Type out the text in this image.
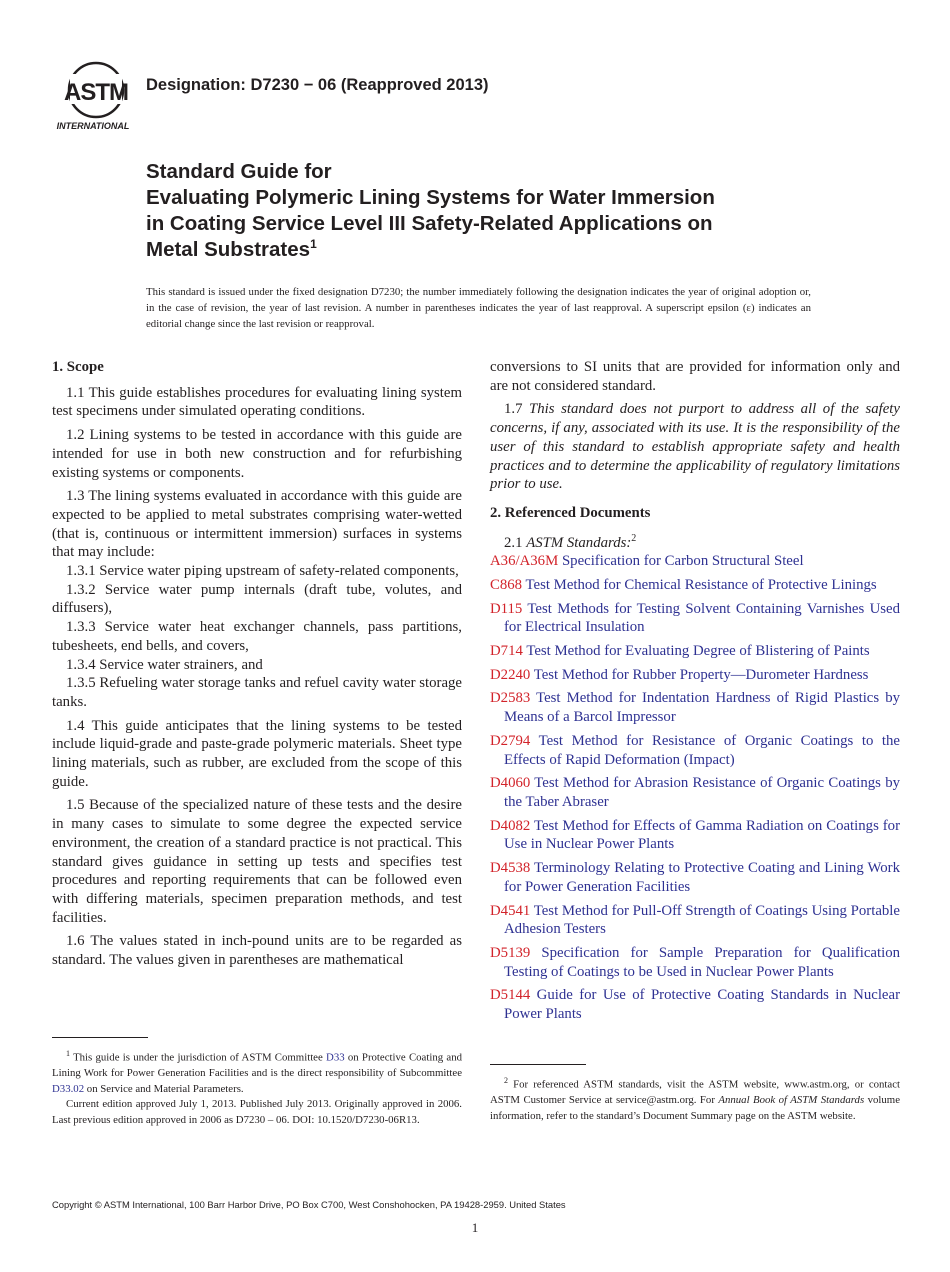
ASTM
INTERNATIONAL
Designation: D7230 − 06 (Reapproved 2013)
Standard Guide for
Evaluating Polymeric Lining Systems for Water Immersion
in Coating Service Level III Safety-Related Applications on
Metal Substrates$^1$
This standard is issued under the fixed designation D7230; the number immediately following the designation indicates the year of original adoption or, in the case of revision, the year of last revision. A number in parentheses indicates the year of last reapproval. A superscript epsilon (ε) indicates an editorial change since the last revision or reapproval.
1. Scope

1.1 This guide establishes procedures for evaluating lining system test specimens under simulated operating conditions.

1.2 Lining systems to be tested in accordance with this guide are intended for use in both new construction and for refurbishing existing systems or components.

1.3 The lining systems evaluated in accordance with this guide are expected to be applied to metal substrates comprising water-wetted (that is, continuous or intermittent immersion) surfaces in systems that may include:

1.3.1 Service water piping upstream of safety-related components,

1.3.2 Service water pump internals (draft tube, volutes, and diffusers),

1.3.3 Service water heat exchanger channels, pass partitions, tubesheets, end bells, and covers,

1.3.4 Service water strainers, and

1.3.5 Refueling water storage tanks and refuel cavity water storage tanks.

1.4 This guide anticipates that the lining systems to be tested include liquid-grade and paste-grade polymeric materials. Sheet type lining materials, such as rubber, are excluded from the scope of this guide.

1.5 Because of the specialized nature of these tests and the desire in many cases to simulate to some degree the expected service environment, the creation of a standard practice is not practical. This standard gives guidance in setting up tests and specifies test procedures and reporting requirements that can be followed even with differing materials, specimen preparation methods, and test facilities.

1.6 The values stated in inch-pound units are to be regarded as standard. The values given in parentheses are mathematical

conversions to SI units that are provided for information only and are not considered standard.

1.7 This standard does not purport to address all of the safety concerns, if any, associated with its use. It is the responsibility of the user of this standard to establish appropriate safety and health practices and to determine the applicability of regulatory limitations prior to use.

2. Referenced Documents

2.1 ASTM Standards:$^2$

A36/A36M Specification for Carbon Structural Steel

C868 Test Method for Chemical Resistance of Protective Linings

D115 Test Methods for Testing Solvent Containing Varnishes Used for Electrical Insulation

D714 Test Method for Evaluating Degree of Blistering of Paints

D2240 Test Method for Rubber Property—Durometer Hardness

D2583 Test Method for Indentation Hardness of Rigid Plastics by Means of a Barcol Impressor

D2794 Test Method for Resistance of Organic Coatings to the Effects of Rapid Deformation (Impact)

D4060 Test Method for Abrasion Resistance of Organic Coatings by the Taber Abraser

D4082 Test Method for Effects of Gamma Radiation on Coatings for Use in Nuclear Power Plants

D4538 Terminology Relating to Protective Coating and Lining Work for Power Generation Facilities

D4541 Test Method for Pull-Off Strength of Coatings Using Portable Adhesion Testers

D5139 Specification for Sample Preparation for Qualification Testing of Coatings to be Used in Nuclear Power Plants

D5144 Guide for Use of Protective Coating Standards in Nuclear Power Plants

$^1$ This guide is under the jurisdiction of ASTM Committee D33 on Protective Coating and Lining Work for Power Generation Facilities and is the direct responsibility of Subcommittee D33.02 on Service and Material Parameters.

Current edition approved July 1, 2013. Published July 2013. Originally approved in 2006. Last previous edition approved in 2006 as D7230 – 06. DOI: 10.1520/D7230-06R13.

$^2$ For referenced ASTM standards, visit the ASTM website, www.astm.org, or contact ASTM Customer Service at service@astm.org. For Annual Book of ASTM Standards volume information, refer to the standard’s Document Summary page on the ASTM website.

Copyright © ASTM International, 100 Barr Harbor Drive, PO Box C700, West Conshohocken, PA 19428-2959. United States
1
